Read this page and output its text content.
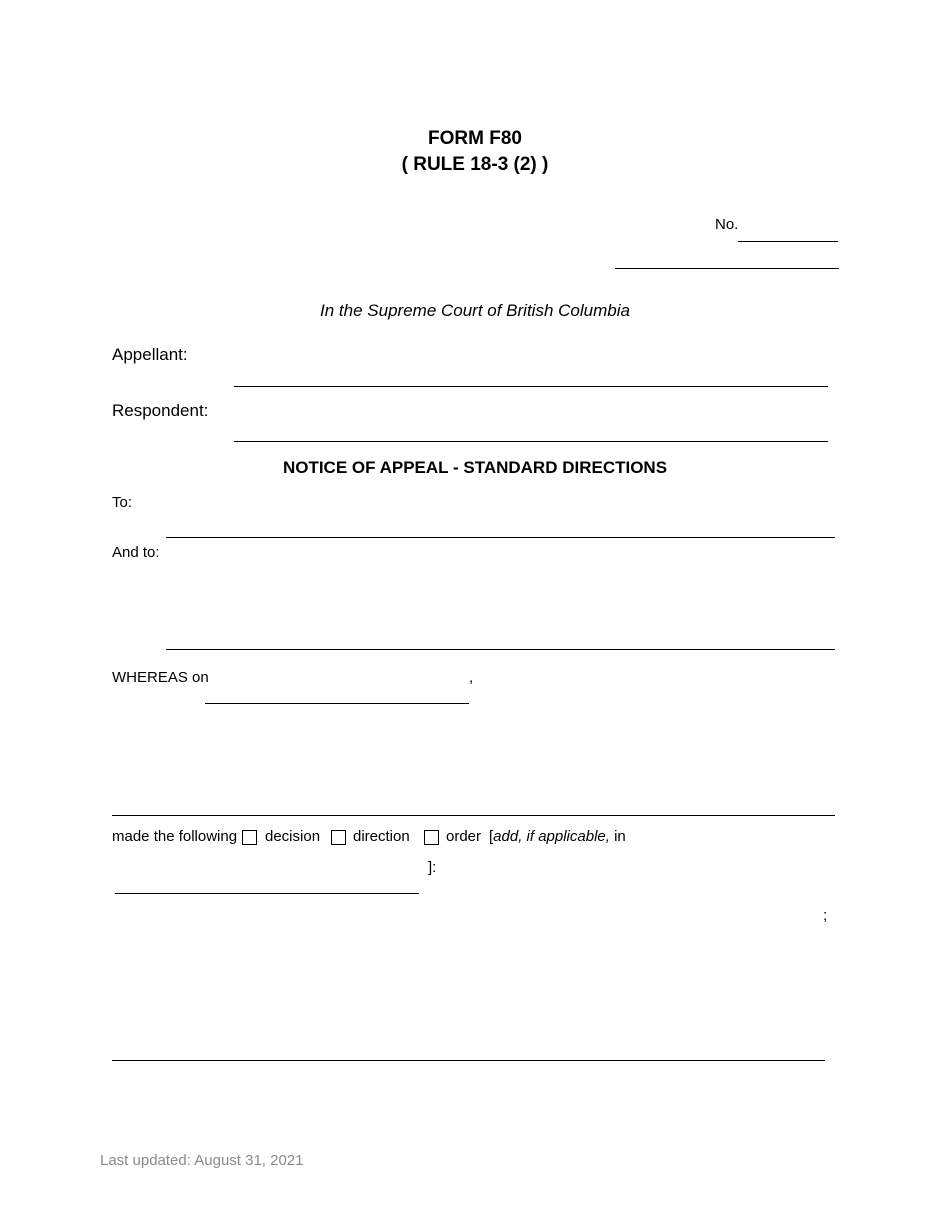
FORM F80
( RULE 18-3 (2) )
No.
In the Supreme Court of British Columbia
Appellant:
Respondent:
NOTICE OF APPEAL - STANDARD DIRECTIONS
To:
And to:
WHEREAS on	,
made the following decision direction order [add, if applicable, in
]:
;
Last updated: August 31, 2021
